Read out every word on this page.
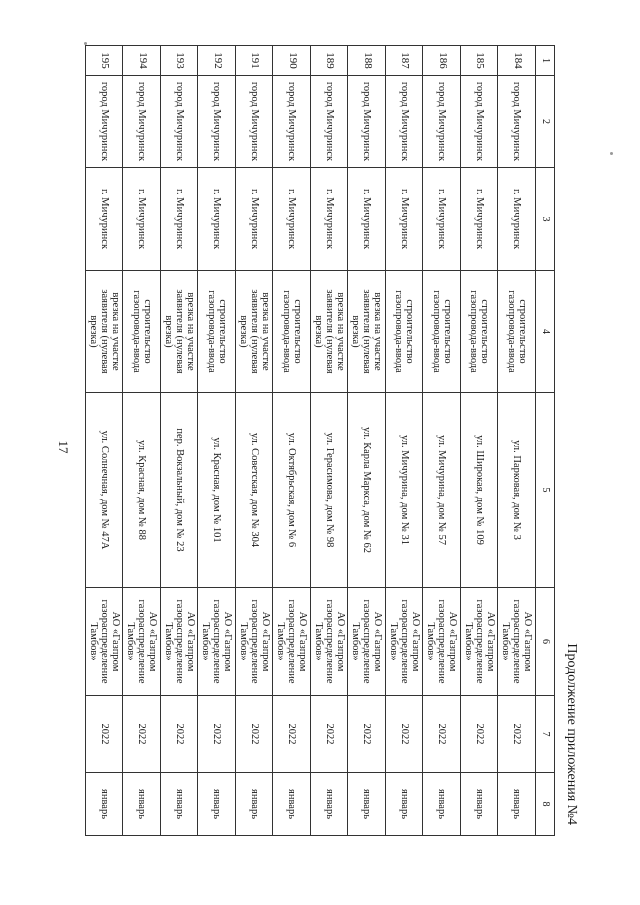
17
Продолжение приложения №4
1	2	3	4	5	6	7	8
184	город Мичуринск	г. Мичуринск	строительство газопровода-ввода	ул. Парковая, дом № 3	АО «Газпром газораспределение Тамбов»	2022	январь
185	город Мичуринск	г. Мичуринск	строительство газопровода-ввода	ул. Широкая, дом № 109	АО «Газпром газораспределение Тамбов»	2022	январь
186	город Мичуринск	г. Мичуринск	строительство газопровода-ввода	ул. Мичурина, дом № 57	АО «Газпром газораспределение Тамбов»	2022	январь
187	город Мичуринск	г. Мичуринск	строительство газопровода-ввода	ул. Мичурина, дом № 31	АО «Газпром газораспределение Тамбов»	2022	январь
188	город Мичуринск	г. Мичуринск	врезка на участке заявителя (нулевая врезка)	ул. Карла Маркса, дом № 62	АО «Газпром газораспределение Тамбов»	2022	январь
189	город Мичуринск	г. Мичуринск	врезка на участке заявителя (нулевая врезка)	ул. Герасимова, дом № 98	АО «Газпром газораспределение Тамбов»	2022	январь
190	город Мичуринск	г. Мичуринск	строительство газопровода-ввода	ул. Октябрьская, дом № 6	АО «Газпром газораспределение Тамбов»	2022	январь
191	город Мичуринск	г. Мичуринск	врезка на участке заявителя (нулевая врезка)	ул. Советская, дом № 304	АО «Газпром газораспределение Тамбов»	2022	январь
192	город Мичуринск	г. Мичуринск	строительство газопровода-ввода	ул. Красная, дом № 101	АО «Газпром газораспределение Тамбов»	2022	январь
193	город Мичуринск	г. Мичуринск	врезка на участке заявителя (нулевая врезка)	пер. Вокзальный, дом № 23	АО «Газпром газораспределение Тамбов»	2022	январь
194	город Мичуринск	г. Мичуринск	строительство газопровода-ввода	ул. Красная, дом № 88	АО «Газпром газораспределение Тамбов»	2022	январь
195	город Мичуринск	г. Мичуринск	врезка на участке заявителя (нулевая врезка)	ул. Солнечная, дом № 47А	АО «Газпром газораспределение Тамбов»	2022	январь
